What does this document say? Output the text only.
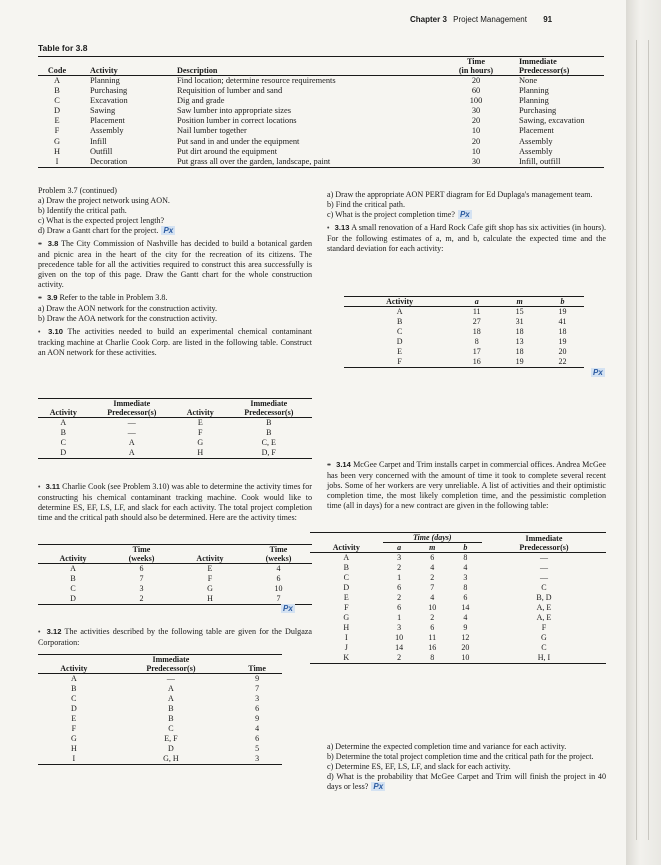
Chapter 3 Project Management 91
Table for 3.8
			Time	Immediate
Code	Activity	Description	(in hours)	Predecessor(s)
A	Planning	Find location; determine resource requirements	20	None
B	Purchasing	Requisition of lumber and sand	60	Planning
C	Excavation	Dig and grade	100	Planning
D	Sawing	Saw lumber into appropriate sizes	30	Purchasing
E	Placement	Position lumber in correct locations	20	Sawing, excavation
F	Assembly	Nail lumber together	10	Placement
G	Infill	Put sand in and under the equipment	20	Assembly
H	Outfill	Put dirt around the equipment	10	Assembly
I	Decoration	Put grass all over the garden, landscape, paint	30	Infill, outfill

Problem 3.7 (continued)

a) Draw the project network using AON.

b) Identify the critical path.

c) What is the expected project length?

d) Draw a Gantt chart for the project. Px

•• 3.8 The City Commission of Nashville has decided to build a botanical garden and picnic area in the heart of the city for the recreation of its citizens. The precedence table for all the activities required to construct this area successfully is given on the top of this page. Draw the Gantt chart for the whole construction activity.

•• 3.9 Refer to the table in Problem 3.8.

a) Draw the AON network for the construction activity.

b) Draw the AOA network for the construction activity.

• 3.10 The activities needed to build an experimental chemical contaminant tracking machine at Charlie Cook Corp. are listed in the following table. Construct an AON network for these activities.

	Immediate		Immediate
Activity	Predecessor(s)	Activity	Predecessor(s)
A	—	E	B
B	—	F	B
C	A	G	C, E
D	A	H	D, F

• 3.11 Charlie Cook (see Problem 3.10) was able to determine the activity times for constructing his chemical contaminant tracking machine. Cook would like to determine ES, EF, LS, LF, and slack for each activity. The total project completion time and the critical path should also be determined. Here are the activity times:

	Time		Time
Activity	(weeks)	Activity	(weeks)
A	6	E	4
B	7	F	6
C	3	G	10
D	2	H	7
Px

• 3.12 The activities described by the following table are given for the Dulgaza Corporation:

	Immediate	
Activity	Predecessor(s)	Time
A	—	9
B	A	7
C	A	3
D	B	6
E	B	9
F	C	4
G	E, F	6
H	D	5
I	G, H	3

a) Draw the appropriate AON PERT diagram for Ed Duplaga's management team.

b) Find the critical path.

c) What is the project completion time? Px

• 3.13 A small renovation of a Hard Rock Cafe gift shop has six activities (in hours). For the following estimates of a, m, and b, calculate the expected time and the standard deviation for each activity:

Activity	a	m	b
A	11	15	19
B	27	31	41
C	18	18	18
D	8	13	19
E	17	18	20
F	16	19	22
Px

•• 3.14 McGee Carpet and Trim installs carpet in commercial offices. Andrea McGee has been very concerned with the amount of time it took to complete several recent jobs. Some of her workers are very unreliable. A list of activities and their optimistic completion time, the most likely completion time, and the pessimistic completion time (all in days) for a new contract are given in the following table:

	Time (days)			Immediate
Activity	a	m	b	Predecessor(s)
A	3	6	8	—
B	2	4	4	—
C	1	2	3	—
D	6	7	8	C
E	2	4	6	B, D
F	6	10	14	A, E
G	1	2	4	A, E
H	3	6	9	F
I	10	11	12	G
J	14	16	20	C
K	2	8	10	H, I

a) Determine the expected completion time and variance for each activity.

b) Determine the total project completion time and the critical path for the project.

c) Determine ES, EF, LS, LF, and slack for each activity.

d) What is the probability that McGee Carpet and Trim will finish the project in 40 days or less? Px
